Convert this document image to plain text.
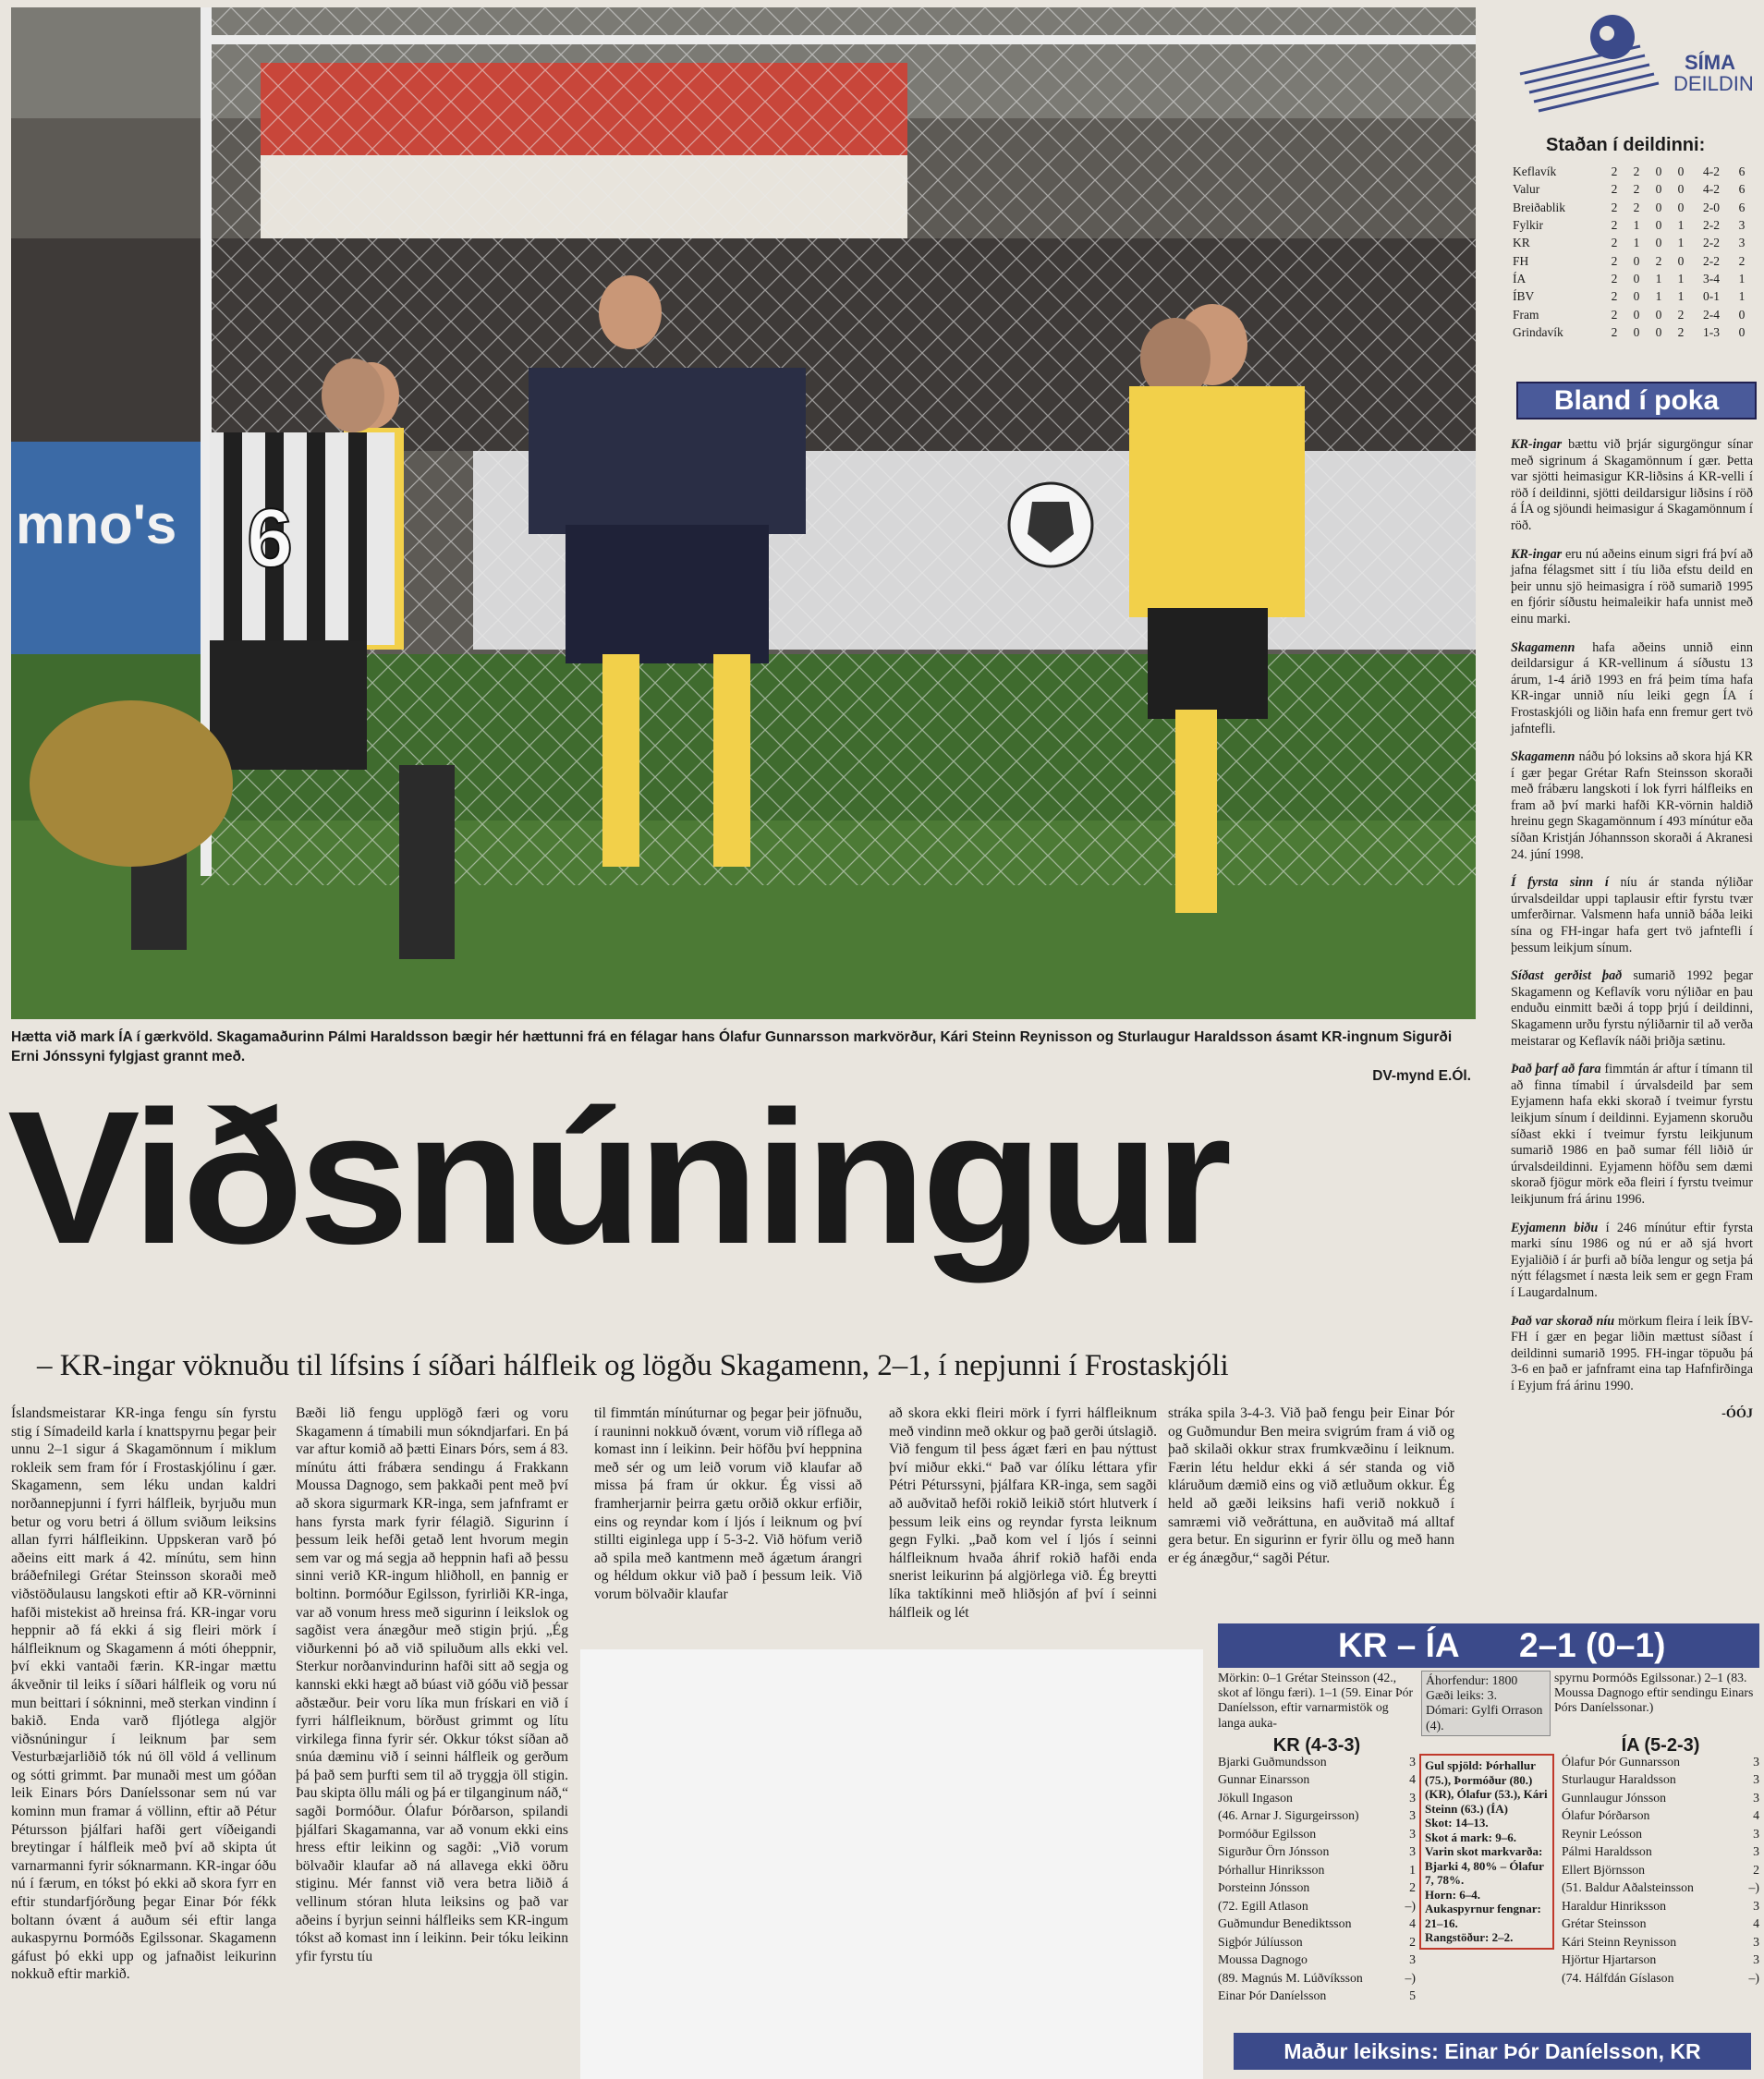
mno's 6
Hætta við mark ÍA í gærkvöld. Skagamaðurinn Pálmi Haraldsson bægir hér hættunni frá en félagar hans Ólafur Gunnarsson markvörður, Kári Steinn Reynisson og Sturlaugur Haraldsson ásamt KR-ingnum Sigurði Erni Jónssyni fylgjast grannt með.
DV-mynd E.Ól.
Viðsnúningur
– KR-ingar vöknuðu til lífsins í síðari hálfleik og lögðu Skagamenn, 2–1, í nepjunni í Frostaskjóli

Íslandsmeistarar KR-inga fengu sín fyrstu stig í Símadeild karla í knattspyrnu þegar þeir unnu 2–1 sigur á Skagamönnum í miklum rokleik sem fram fór í Frostaskjólinu í gær. Skagamenn, sem léku undan kaldri norðannepjunni í fyrri hálfleik, byrjuðu mun betur og voru betri á öllum sviðum leiksins allan fyrri hálfleikinn. Uppskeran varð þó aðeins eitt mark á 42. mínútu, sem hinn bráðefnilegi Grétar Steinsson skoraði með viðstöðulausu langskoti eftir að KR-vörninni hafði mistekist að hreinsa frá. KR-ingar voru heppnir að fá ekki á sig fleiri mörk í hálfleiknum og Skagamenn á móti óheppnir, því ekki vantaði færin. KR-ingar mættu ákveðnir til leiks í síðari hálfleik og voru nú mun beittari í sókninni, með sterkan vindinn í bakið. Enda varð fljótlega algjör viðsnúningur í leiknum þar sem Vesturbæjarliðið tók nú öll völd á vellinum og sótti grimmt. Þar munaði mest um góðan leik Einars Þórs Daníelssonar sem nú var kominn mun framar á völlinn, eftir að Pétur Pétursson þjálfari hafði gert víðeigandi breytingar í hálfleik með því að skipta út varnarmanni fyrir sóknarmann. KR-ingar óðu nú í færum, en tókst þó ekki að skora fyrr en eftir stundarfjórðung þegar Einar Þór fékk boltann óvænt á auðum séi eftir langa aukaspyrnu Þormóðs Egilssonar. Skagamenn gáfust þó ekki upp og jafnaðist leikurinn nokkuð eftir markið.

Bæði lið fengu upplögð færi og voru Skagamenn á tímabili mun sókndjarfari. En þá var aftur komið að þætti Einars Þórs, sem á 83. mínútu átti frábæra sendingu á Frakkann Moussa Dagnogo, sem þakkaði pent með því að skora sigurmark KR-inga, sem jafnframt er hans fyrsta mark fyrir félagið. Sigurinn í þessum leik hefði getað lent hvorum megin sem var og má segja að heppnin hafi að þessu sinni verið KR-ingum hliðholl, en þannig er boltinn. Þormóður Egilsson, fyrirliði KR-inga, var að vonum hress með sigurinn í leikslok og sagðist vera ánægður með stigin þrjú. „Ég viðurkenni þó að við spiluðum alls ekki vel. Sterkur norðanvindurinn hafði sitt að segja og kannski ekki hægt að búast við góðu við þessar aðstæður. Þeir voru líka mun frískari en við í fyrri hálfleiknum, börðust grimmt og lítu virkilega finna fyrir sér. Okkur tókst síðan að snúa dæminu við í seinni hálfleik og gerðum þá það sem þurfti sem til að tryggja öll stigin. Þau skipta öllu máli og þá er tilganginum náð,“ sagði Þormóður. Ólafur Þórðarson, spilandi þjálfari Skagamanna, var að vonum ekki eins hress eftir leikinn og sagði: „Við vorum bölvaðir klaufar að ná allavega ekki öðru stiginu. Mér fannst við vera betra liðið á vellinum stóran hluta leiksins og það var aðeins í byrjun seinni hálfleiks sem KR-ingum tókst að komast inn í leikinn. Þeir tóku leikinn yfir fyrstu tíu

til fimmtán mínúturnar og þegar þeir jöfnuðu, í rauninni nokkuð óvænt, vorum við ríflega að komast inn í leikinn. Þeir höfðu því heppnina með sér og um leið vorum við klaufar að missa þá fram úr okkur. Ég vissi að framherjarnir þeirra gætu orðið okkur erfiðir, eins og reyndar kom í ljós í leiknum og því stillti eiginlega upp í 5-3-2. Við höfum verið að spila með kantmenn með ágætum árangri og héldum okkur við það í þessum leik. Við vorum bölvaðir klaufar

að skora ekki fleiri mörk í fyrri hálfleiknum með vindinn með okkur og það gerði útslagið. Við fengum til þess ágæt færi en þau nýttust því miður ekki.“ Það var ólíku léttara yfir Pétri Péturssyni, þjálfara KR-inga, sem sagði að auðvitað hefði rokið leikið stórt hlutverk í þessum leik eins og reyndar fyrsta leiknum gegn Fylki. „Það kom vel í ljós í seinni hálfleiknum hvaða áhrif rokið hafði enda snerist leikurinn þá algjörlega við. Ég breytti líka taktíkinni með hliðsjón af því í seinni hálfleik og lét

stráka spila 3-4-3. Við það fengu þeir Einar Þór og Guðmundur Ben meira svigrúm fram á við og það skilaði okkur strax frumkvæðinu í leiknum. Færin létu heldur ekki á sér standa og við kláruðum dæmið eins og við ætluðum okkur. Ég held að gæði leiksins hafi verið nokkuð í samræmi við veðráttuna, en auðvitað má alltaf gera betur. En sigurinn er fyrir öllu og með hann er ég ánægður,“ sagði Pétur.

SÍMA
DEILDIN
Staðan í deildinni:
Keflavík	2	2	0	0	4-2	6
Valur	2	2	0	0	4-2	6
Breiðablik	2	2	0	0	2-0	6
Fylkir	2	1	0	1	2-2	3
KR	2	1	0	1	2-2	3
FH	2	0	2	0	2-2	2
ÍA	2	0	1	1	3-4	1
ÍBV	2	0	1	1	0-1	1
Fram	2	0	0	2	2-4	0
Grindavík	2	0	0	2	1-3	0
Bland í poka

KR-ingar bættu við þrjár sigurgöngur sínar með sigrinum á Skagamönnum í gær. Þetta var sjötti heimasigur KR-liðsins á KR-velli í röð í deildinni, sjötti deildarsigur liðsins í röð á ÍA og sjöundi heimasigur á Skagamönnum í röð.

KR-ingar eru nú aðeins einum sigri frá því að jafna félagsmet sitt í tíu liða efstu deild en þeir unnu sjö heimasigra í röð sumarið 1995 en fjórir síðustu heimaleikir hafa unnist með einu marki.

Skagamenn hafa aðeins unnið einn deildarsigur á KR-vellinum á síðustu 13 árum, 1-4 árið 1993 en frá þeim tíma hafa KR-ingar unnið níu leiki gegn ÍA í Frostaskjóli og liðin hafa enn fremur gert tvö jafntefli.

Skagamenn náðu þó loksins að skora hjá KR í gær þegar Grétar Rafn Steinsson skoraði með frábæru langskoti í lok fyrri hálfleiks en fram að því marki hafði KR-vörnin haldið hreinu gegn Skagamönnum í 493 mínútur eða síðan Kristján Jóhannsson skoraði á Akranesi 24. júní 1998.

Í fyrsta sinn í níu ár standa nýliðar úrvalsdeildar uppi taplausir eftir fyrstu tvær umferðirnar. Valsmenn hafa unnið báða leiki sína og FH-ingar hafa gert tvö jafntefli í þessum leikjum sínum.

Síðast gerðist það sumarið 1992 þegar Skagamenn og Keflavík voru nýliðar en þau enduðu einmitt bæði á topp þrjú í deildinni, Skagamenn urðu fyrstu nýliðarnir til að verða meistarar og Keflavík náði þriðja sætinu.

Það þarf að fara fimmtán ár aftur í tímann til að finna tímabil í úrvalsdeild þar sem Eyjamenn hafa ekki skorað í tveimur fyrstu leikjum sínum í deildinni. Eyjamenn skoruðu síðast ekki í tveimur fyrstu leikjunum sumarið 1986 en það sumar féll liðið úr úrvalsdeildinni. Eyjamenn höfðu sem dæmi skorað fjögur mörk eða fleiri í fyrstu tveimur leikjunum frá árinu 1996.

Eyjamenn biðu í 246 mínútur eftir fyrsta marki sínu 1986 og nú er að sjá hvort Eyjaliðið í ár þurfi að bíða lengur og setja þá nýtt félagsmet í næsta leik sem er gegn Fram í Laugardalnum.

Það var skorað níu mörkum fleira í leik ÍBV-FH í gær en þegar liðin mættust síðast í deildinni sumarið 1995. FH-ingar töpuðu þá 3-6 en það er jafnframt eina tap Hafnfirðinga í Eyjum frá árinu 1990.

-ÓÓJ
KR – ÍA 2–1 (0–1)
Mörkin: 0–1 Grétar Steinsson (42., skot af löngu færi). 1–1 (59. Einar Þór Daníelsson, eftir varnarmistök og langa auka-
Áhorfendur: 1800
Gæði leiks: 3.
Dómari: Gylfi Orrason (4).
spyrnu Þormóðs Egilssonar.) 2–1 (83. Moussa Dagnogo eftir sendingu Einars Þórs Daníelssonar.)
KR (4-3-3)
Bjarki Guðmundsson	3
Gunnar Einarsson	4
Jökull Ingason	3
(46. Arnar J. Sigurgeirsson)	3
Þormóður Egilsson	3
Sigurður Örn Jónsson	3
Þórhallur Hinriksson	1
Þorsteinn Jónsson	2
(72. Egill Atlason	–)
Guðmundur Benediktsson	4
Sigþór Júlíusson	2
Moussa Dagnogo	3
(89. Magnús M. Lúðvíksson	–)
Einar Þór Daníelsson	5
Gul spjöld: Þórhallur (75.), Þormóður (80.) (KR), Ólafur (53.), Kári Steinn (63.) (ÍA)
Skot: 14–13.
Skot á mark: 9–6.
Varin skot markvarða: Bjarki 4, 80% – Ólafur 7, 78%.
Horn: 6–4.
Aukaspyrnur fengnar: 21–16.
Rangstöður: 2–2.
ÍA (5-2-3)
Ólafur Þór Gunnarsson	3
Sturlaugur Haraldsson	3
Gunnlaugur Jónsson	3
Ólafur Þórðarson	4
Reynir Leósson	3
Pálmi Haraldsson	3
Ellert Björnsson	2
(51. Baldur Aðalsteinsson	–)
Haraldur Hinriksson	3
Grétar Steinsson	4
Kári Steinn Reynisson	3
Hjörtur Hjartarson	3
(74. Hálfdán Gíslason	–)
Maður leiksins: Einar Þór Daníelsson, KR
